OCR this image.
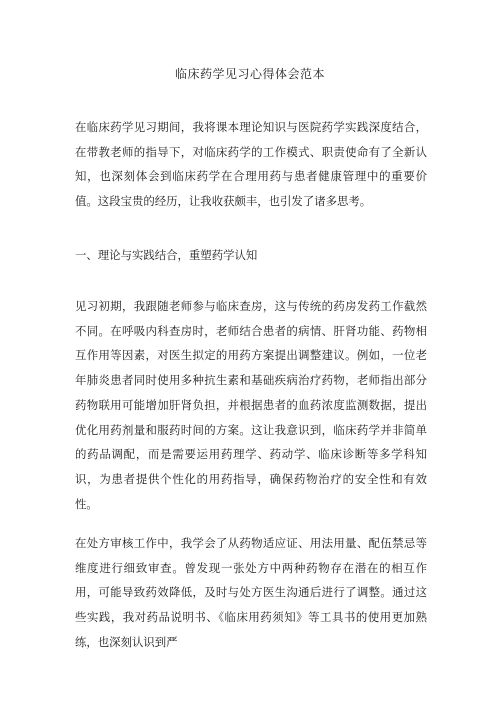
临床药学见习心得体会范本

在临床药学见习期间，我将课本理论知识与医院药学实践深度结合，在带教老师的指导下，对临床药学的工作模式、职责使命有了全新认知，也深刻体会到临床药学在合理用药与患者健康管理中的重要价值。这段宝贵的经历，让我收获颇丰，也引发了诸多思考。

一、理论与实践结合，重塑药学认知

见习初期，我跟随老师参与临床查房，这与传统的药房发药工作截然不同。在呼吸内科查房时，老师结合患者的病情、肝肾功能、药物相互作用等因素，对医生拟定的用药方案提出调整建议。例如，一位老年肺炎患者同时使用多种抗生素和基础疾病治疗药物，老师指出部分药物联用可能增加肝肾负担，并根据患者的血药浓度监测数据，提出优化用药剂量和服药时间的方案。这让我意识到，临床药学并非简单的药品调配，而是需要运用药理学、药动学、临床诊断等多学科知识，为患者提供个性化的用药指导，确保药物治疗的安全性和有效性。

在处方审核工作中，我学会了从药物适应证、用法用量、配伍禁忌等维度进行细致审查。曾发现一张处方中两种药物存在潜在的相互作用，可能导致药效降低，及时与处方医生沟通后进行了调整。通过这些实践，我对药品说明书、《临床用药须知》等工具书的使用更加熟练，也深刻认识到严
